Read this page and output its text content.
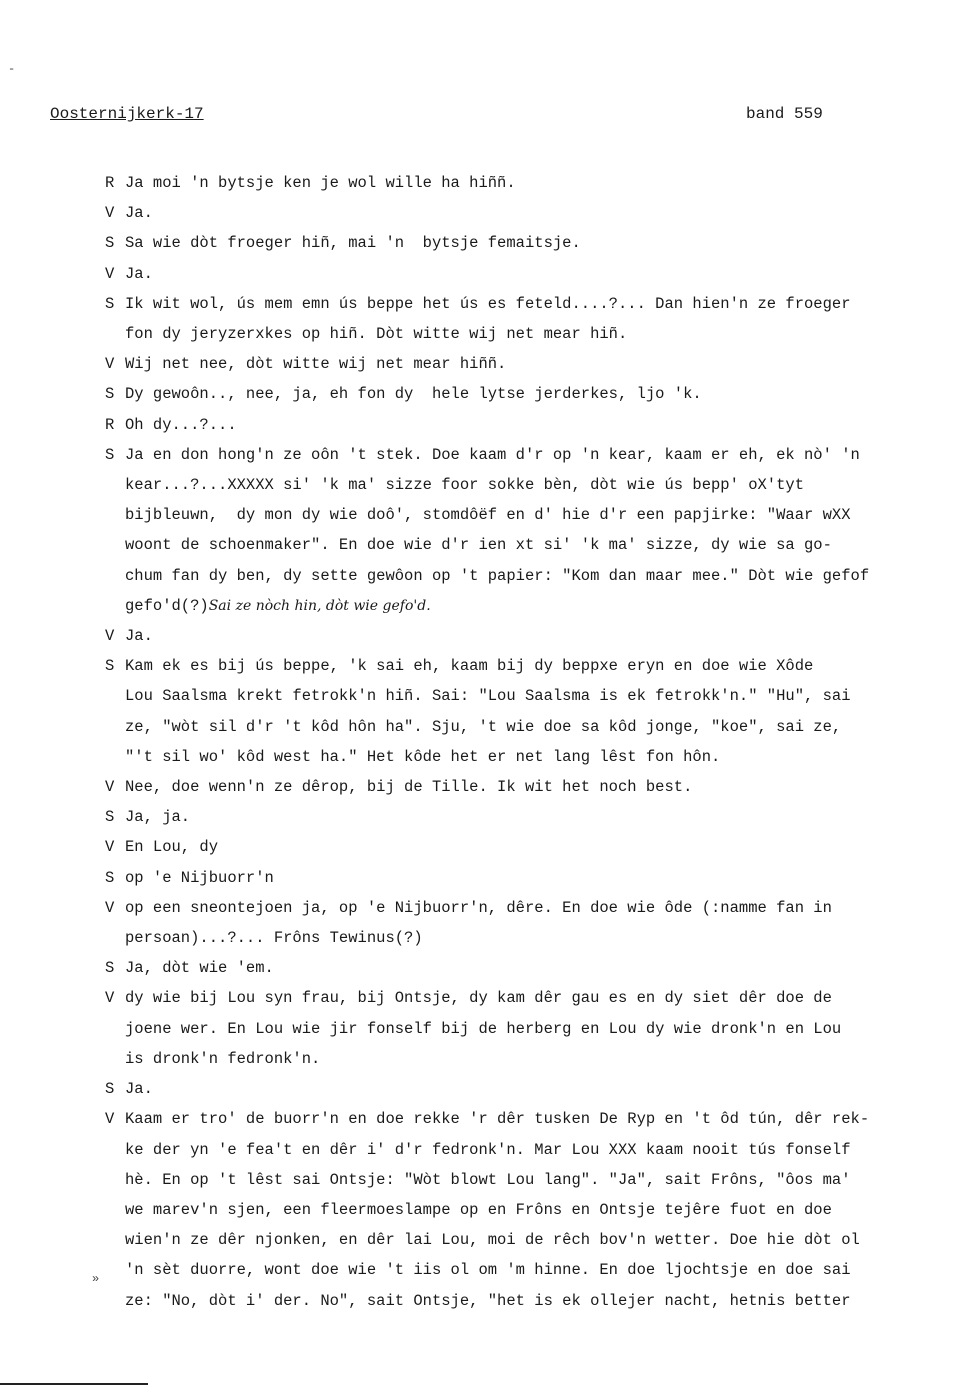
Oosternijkerk-17	band 559
R Ja moi 'n bytsje ken je wol wille ha hiññ.
V Ja.
S Sa wie dòt froeger hiñ, mai 'n  bytsje femaitsje.
V Ja.
S Ik wit wol, ús mem emn ús beppe het ús es feteld....?... Dan hien'n ze froeger
fon dy jeryzerxkes op hiñ. Dòt witte wij net mear hiñ.
V Wij net nee, dòt witte wij net mear hiññ.
S Dy gewoôn.., nee, ja, eh fon dy  hele lytse jerderkes, ljo 'k.
R Oh dy...?...
S Ja en don hong'n ze oôn 't stek. Doe kaam d'r op 'n kear, kaam er eh, ek nò' 'n
kear...?...XXXXX si' 'k ma' sizze foor sokke bèn, dòt wie ús bepp' oX'tyt
bijbleuwn,  dy mon dy wie doô', stomdôëf en d' hie d'r een papjirke: "Waar wXX
woont de schoenmaker". En doe wie d'r ien xt si' 'k ma' sizze, dy wie sa go-
chum fan dy ben, dy sette gewôon op 't papier: "Kom dan maar mee." Dòt wie gefof
gefo'd(?)Sai ze nòch hin, dòt wie gefo'd.
V Ja.
S Kam ek es bij ús beppe, 'k sai eh, kaam bij dy beppxe eryn en doe wie Xôde
Lou Saalsma krekt fetrokk'n hiñ. Sai: "Lou Saalsma is ek fetrokk'n." "Hu", sai
ze, "wòt sil d'r 't kôd hôn ha". Sju, 't wie doe sa kôd jonge, "koe", sai ze,
"'t sil wo' kôd west ha." Het kôde het er net lang lêst fon hôn.
V Nee, doe wenn'n ze dêrop, bij de Tille. Ik wit het noch best.
S Ja, ja.
V En Lou, dy
S op 'e Nijbuorr'n
V op een sneontejoen ja, op 'e Nijbuorr'n, dêre. En doe wie ôde (:namme fan in
persoan)...?... Frôns Tewinus(?)
S Ja, dòt wie 'em.
V dy wie bij Lou syn frau, bij Ontsje, dy kam dêr gau es en dy siet dêr doe de
joene wer. En Lou wie jir fonself bij de herberg en Lou dy wie dronk'n en Lou
is dronk'n fedronk'n.
S Ja.
V Kaam er tro' de buorr'n en doe rekke 'r dêr tusken De Ryp en 't ôd tún, dêr rek-
ke der yn 'e fea't en dêr i' d'r fedronk'n. Mar Lou XXX kaam nooit tús fonself
hè. En op 't lêst sai Ontsje: "Wòt blowt Lou lang". "Ja", sait Frôns, "ôos ma'
we marev'n sjen, een fleermoeslampe op en Frôns en Ontsje tejêre fuot en doe
wien'n ze dêr njonken, en dêr lai Lou, moi de rêch bov'n wetter. Doe hie dòt ol
'n sèt duorre, wont doe wie 't iis ol om 'm hinne. En doe ljochtsje en doe sai
ze: "No, dòt i' der. No", sait Ontsje, "het is ek ollejer nacht, hetnis better
-
»
